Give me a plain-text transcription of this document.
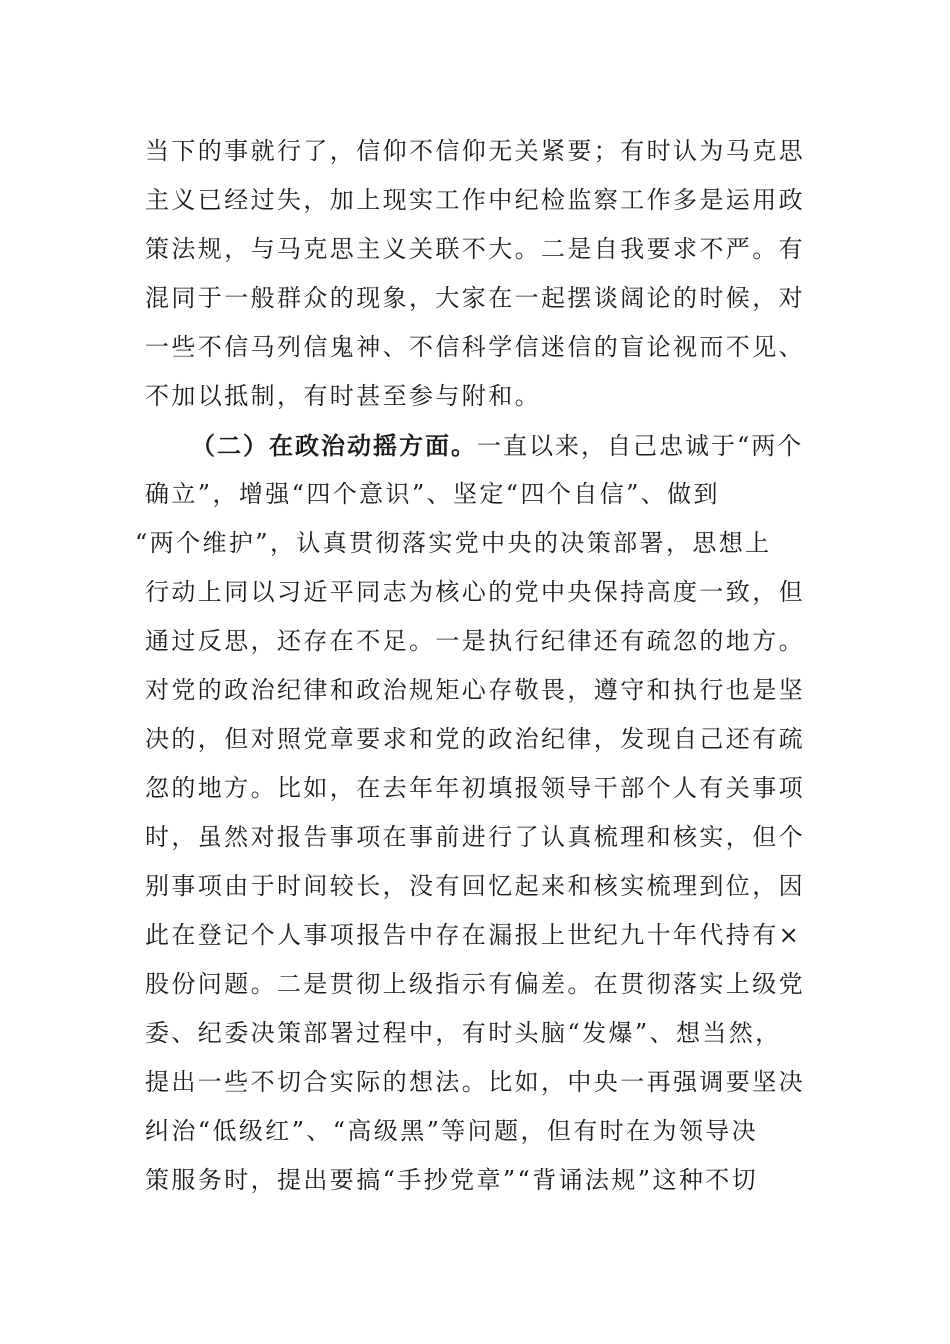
当下的事就行了，信仰不信仰无关紧要；有时认为马克思
主义已经过失，加上现实工作中纪检监察工作多是运用政
策法规，与马克思主义关联不大。二是自我要求不严。有
混同于一般群众的现象，大家在一起摆谈阔论的时候，对
一些不信马列信鬼神、不信科学信迷信的盲论视而不见、
不加以抵制，有时甚至参与附和。
（二）在政治动摇方面。一直以来，自己忠诚于“两个
确立”，增强“四个意识”、坚定“四个自信”、做到
“两个维护”，认真贯彻落实党中央的决策部署，思想上
行动上同以习近平同志为核心的党中央保持高度一致，但
通过反思，还存在不足。一是执行纪律还有疏忽的地方。
对党的政治纪律和政治规矩心存敬畏，遵守和执行也是坚
决的，但对照党章要求和党的政治纪律，发现自己还有疏
忽的地方。比如，在去年年初填报领导干部个人有关事项
时，虽然对报告事项在事前进行了认真梳理和核实，但个
别事项由于时间较长，没有回忆起来和核实梳理到位，因
此在登记个人事项报告中存在漏报上世纪九十年代持有×
股份问题。二是贯彻上级指示有偏差。在贯彻落实上级党
委、纪委决策部署过程中，有时头脑“发爆”、想当然，
提出一些不切合实际的想法。比如，中央一再强调要坚决
纠治“低级红”、“高级黑”等问题，但有时在为领导决
策服务时，提出要搞“手抄党章”“背诵法规”这种不切
